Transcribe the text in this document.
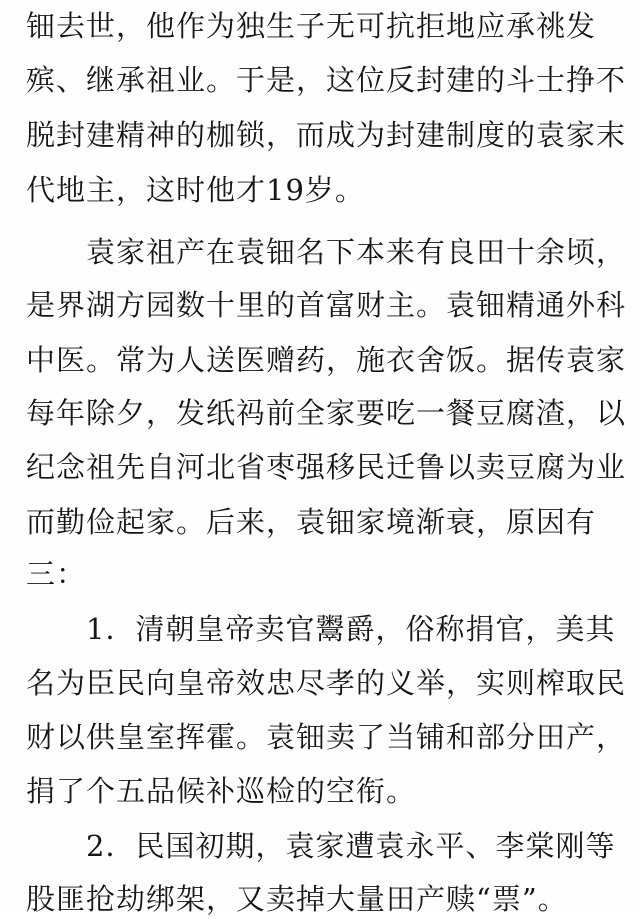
钿去世，他作为独生子无可抗拒地应承祧发
殡、继承祖业。于是，这位反封建的斗士挣不
脱封建精神的枷锁，而成为封建制度的袁家末
代地主，这时他才19岁。
袁家祖产在袁钿名下本来有良田十余顷，
是界湖方园数十里的首富财主。袁钿精通外科
中医。常为人送医赠药，施衣舍饭。据传袁家
每年除夕，发纸祃前全家要吃一餐豆腐渣，以
纪念祖先自河北省枣强移民迁鲁以卖豆腐为业
而勤俭起家。后来，袁钿家境渐衰，原因有
三：
1．清朝皇帝卖官鬻爵，俗称捐官，美其
名为臣民向皇帝效忠尽孝的义举，实则榨取民
财以供皇室挥霍。袁钿卖了当铺和部分田产，
捐了个五品候补巡检的空衔。
2．民国初期，袁家遭袁永平、李棠刚等
股匪抢劫绑架，又卖掉大量田产赎“票”。
